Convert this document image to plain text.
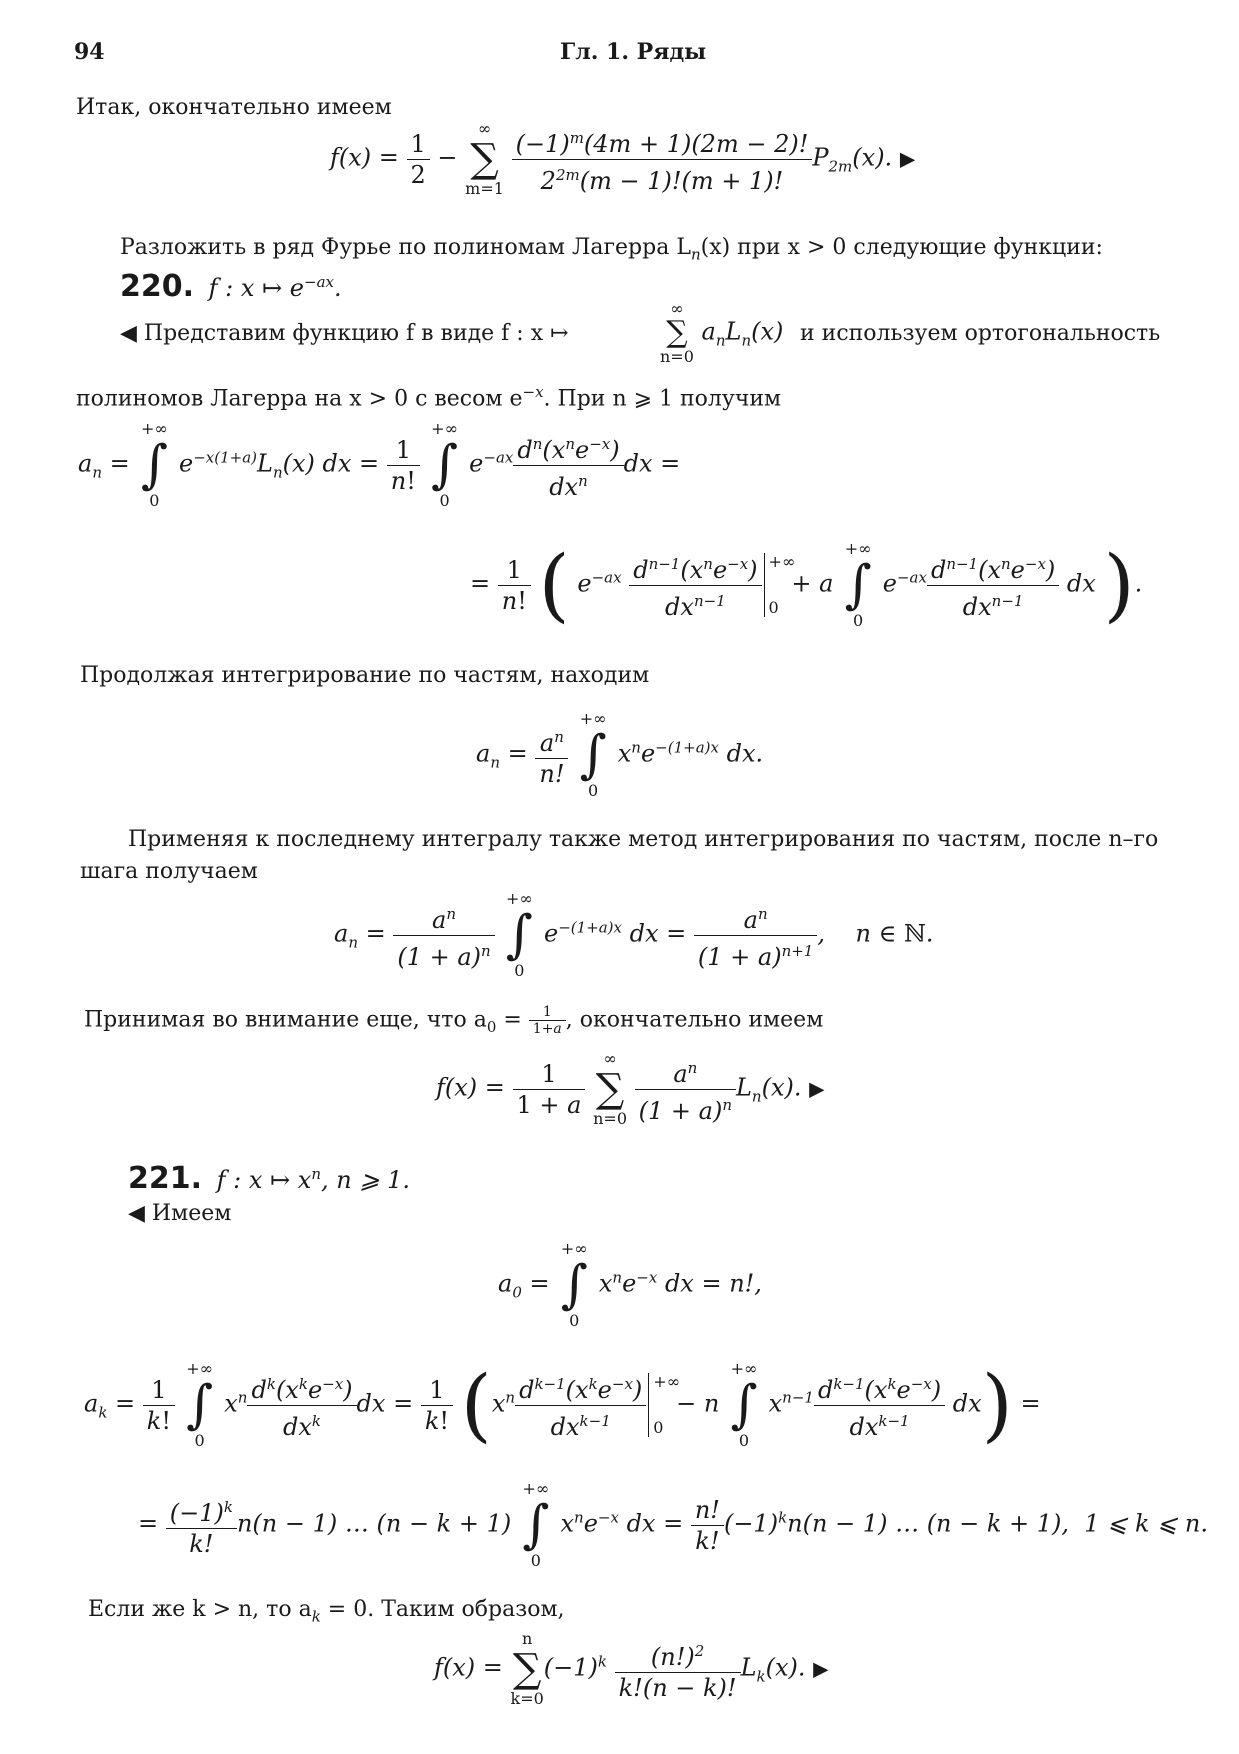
94	Гл. 1. Ряды
Итак, окончательно имеем
$f(x) = \frac{1}{2}$ −
∞
∑
m=1
$\frac{(-1)^m(4m + 1)(2m - 2)!}{2^{2m}(m - 1)!(m + 1)!} P_{2m}(x)$. ▶
Разложить в ряд Фурье по полиномам Лагерра $L_n(x)$ при x > 0 следующие функции:
220.  f : x ↦ $e^{-ax}$.
◀ Представим функцию f в виде f : x ↦
∞
∑
n=0
$a_nL_n(x)$ и используем ортогональность
полиномов Лагерра на x > 0 с весом $e^{-x}$. При n ⩾ 1 получим
$a_n$ =
+∞
∫
0
$e^{-x(1+a)}L_n(x)$ dx = $\frac{1}{n!}$

+∞
∫
0
$e^{-ax} \frac{d^n(x^ne^{-x})}{dx^n}$ dx =
= $\frac{1}{n!}$ ( $e^{-ax} \frac{d^{n-1}(x^ne^{-x})}{dx^{n-1}}$ +∞
0
+ a
+∞
∫
0
$e^{-ax} \frac{d^{n-1}(x^ne^{-x})}{dx^{n-1}}$ dx ).
Продолжая интегрирование по частям, находим
$a_n = \frac{a^n}{n!}$

+∞
∫
0
$x^ne^{-(1+a)x}$ dx.
Применяя к последнему интегралу также метод интегрирования по частям, после n–го
шага получаем
$a_n = \frac{a^n}{(1 + a)^n}$
+∞
∫
0
$e^{-(1+a)x}$ dx = $\frac{a^n}{(1 + a)^{n+1}}$ ,    n ∈ ℕ.
Принимая во внимание еще, что $a_0 = \frac{1}{1+a}$ , окончательно имеем
$f(x) = \frac{1}{1 + a}$
	∞
∑
n=0
$\frac{a^n}{(1 + a)^n} L_n(x)$. ▶
221.  f : x ↦ $x^n$, n ⩾ 1.
◀ Имеем
$a_0$ =
+∞
∫
0
$x^ne^{-x}$ dx = n!,
$a_k = \frac{1}{k!}$

+∞
∫
0
$x^n \frac{d^k(x^ke^{-x})}{dx^k}$ dx = $\frac{1}{k!} (x^n \frac{d^{k-1}(x^ke^{-x})}{dx^{k-1}}$ +∞
0
− n
+∞
∫
0
$x^{n-1} \frac{d^{k-1}(x^ke^{-x})}{dx^{k-1}} dx$) =
= $\frac{(-1)^k}{k!} n(n - 1)$ … (n − k + 1)
+∞
∫
0
$x^ne^{-x}$ dx = $\frac{n!}{k!} (-1)^kn(n - 1)$ … (n − k + 1),  1 ⩽ k ⩽ n.
Если же k > n, то $a_k = 0$. Таким образом,
f(x) =
n
∑
k=0
$(-1)^k \frac{(n!)^2}{k!(n - k)!} L_k(x)$. ▶
